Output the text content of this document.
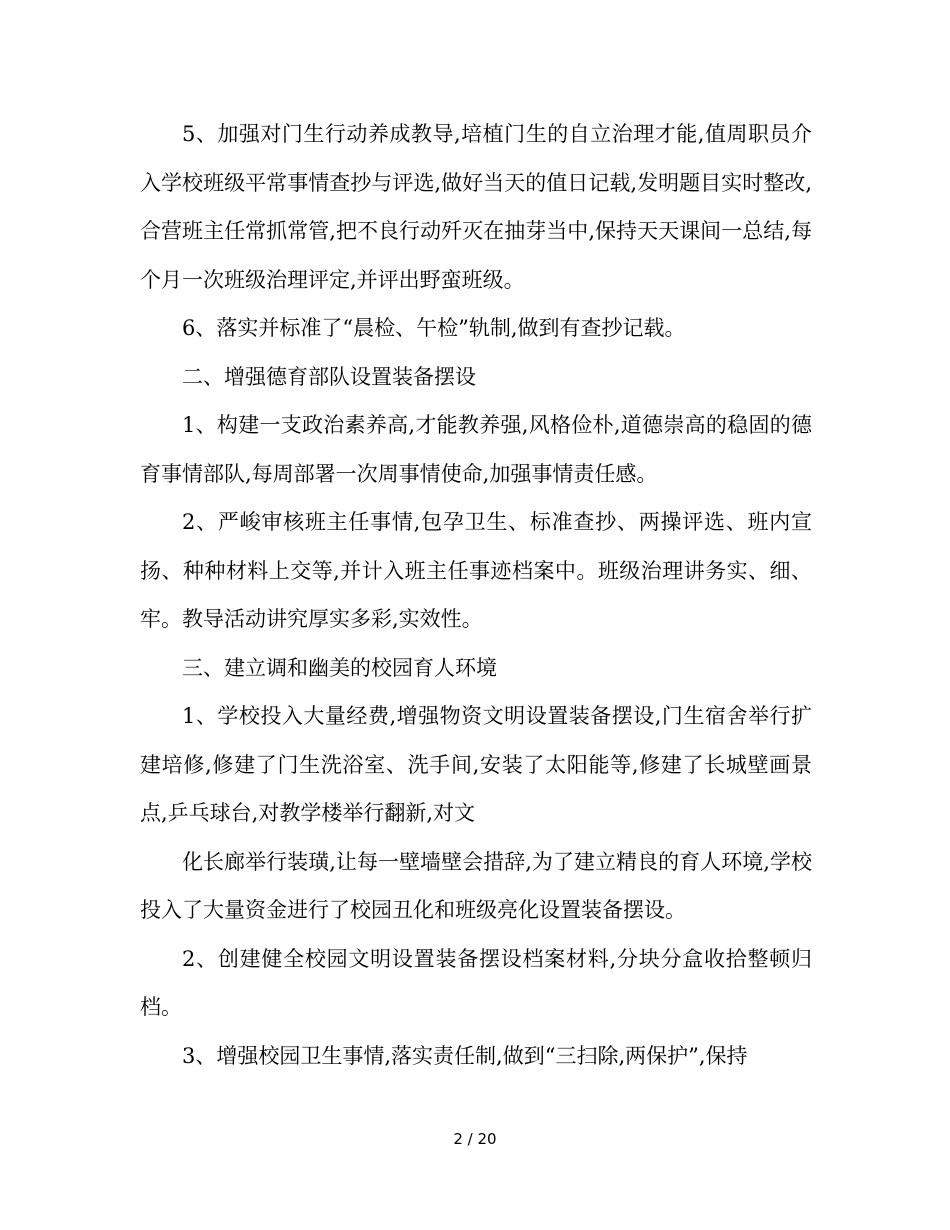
5、加强对门生行动养成教导,培植门生的自立治理才能,值周职员介入学校班级平常事情查抄与评选,做好当天的值日记载,发明题目实时整改,合营班主任常抓常管,把不良行动歼灭在抽芽当中,保持天天课间一总结,每个月一次班级治理评定,并评出野蛮班级。

6、落实并标准了“晨检、午检”轨制,做到有查抄记载。

二、增强德育部队设置装备摆设

1、构建一支政治素养高,才能教养强,风格俭朴,道德崇高的稳固的德育事情部队,每周部署一次周事情使命,加强事情责任感。

2、严峻审核班主任事情,包孕卫生、标准查抄、两操评选、班内宣扬、种种材料上交等,并计入班主任事迹档案中。班级治理讲务实、细、牢。教导活动讲究厚实多彩,实效性。

三、建立调和幽美的校园育人环境

1、学校投入大量经费,增强物资文明设置装备摆设,门生宿舍举行扩建培修,修建了门生洗浴室、洗手间,安装了太阳能等,修建了长城壁画景点,乒乓球台,对教学楼举行翻新,对文

化长廊举行装璜,让每一壁墙壁会措辞,为了建立精良的育人环境,学校投入了大量资金进行了校园丑化和班级亮化设置装备摆设。

2、创建健全校园文明设置装备摆设档案材料,分块分盒收拾整顿归档。

3、增强校园卫生事情,落实责任制,做到“三扫除,两保护”,保持

2 / 20
